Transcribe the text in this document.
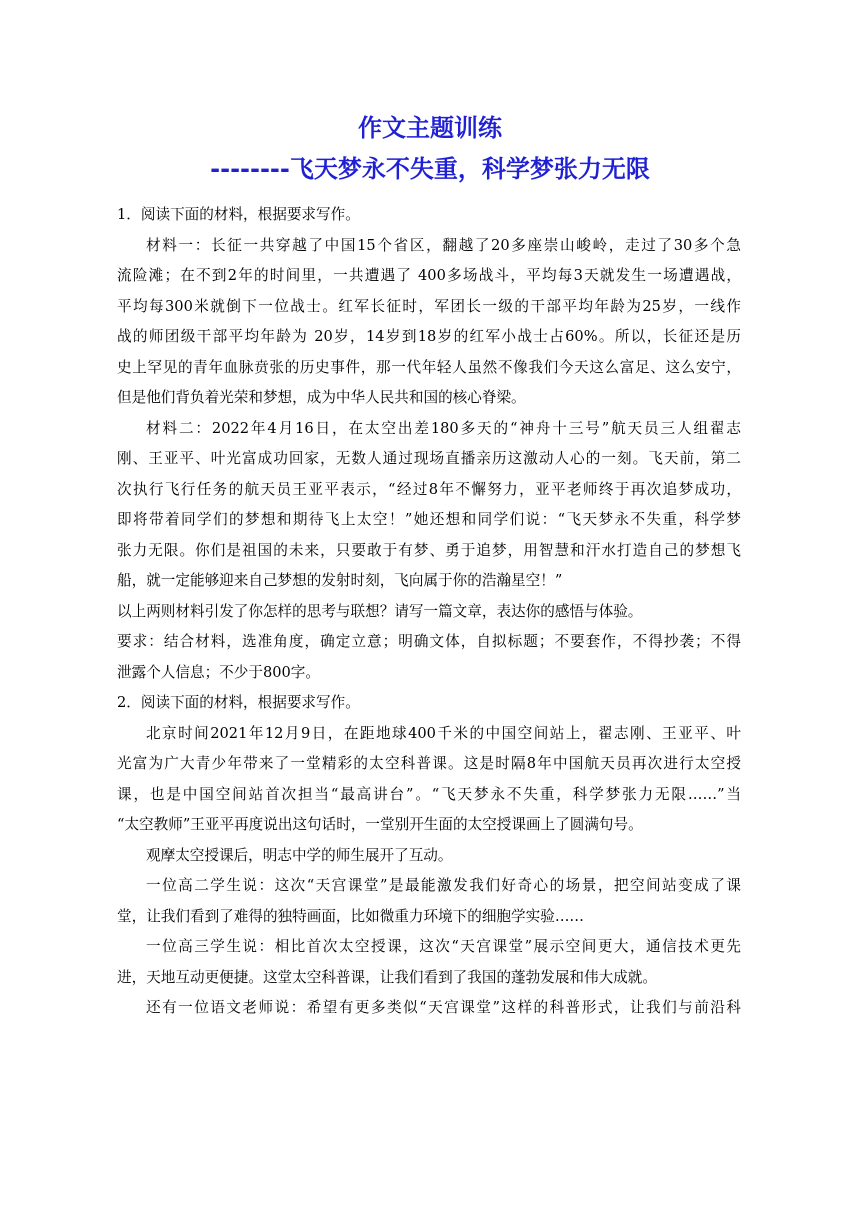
作文主题训练
--------飞天梦永不失重，科学梦张力无限
1．阅读下面的材料，根据要求写作。
材料一：长征一共穿越了中国15个省区，翻越了20多座崇山峻岭，走过了30多个急
流险滩；在不到2年的时间里，一共遭遇了 400多场战斗，平均每3天就发生一场遭遇战，
平均每300米就倒下一位战士。红军长征时，军团长一级的干部平均年龄为25岁，一线作
战的师团级干部平均年龄为 20岁，14岁到18岁的红军小战士占60%。所以，长征还是历
史上罕见的青年血脉贲张的历史事件，那一代年轻人虽然不像我们今天这么富足、这么安宁，
但是他们背负着光荣和梦想，成为中华人民共和国的核心脊梁。
材料二：2022年4月16日，在太空出差180多天的“神舟十三号”航天员三人组翟志
刚、王亚平、叶光富成功回家，无数人通过现场直播亲历这激动人心的一刻。飞天前，第二
次执行飞行任务的航天员王亚平表示，“经过8年不懈努力，亚平老师终于再次追梦成功，
即将带着同学们的梦想和期待飞上太空！”她还想和同学们说：“飞天梦永不失重，科学梦
张力无限。你们是祖国的未来，只要敢于有梦、勇于追梦，用智慧和汗水打造自己的梦想飞
船，就一定能够迎来自己梦想的发射时刻，飞向属于你的浩瀚星空！”
以上两则材料引发了你怎样的思考与联想？请写一篇文章，表达你的感悟与体验。
要求：结合材料，选准角度，确定立意；明确文体，自拟标题；不要套作，不得抄袭；不得
泄露个人信息；不少于800字。
2．阅读下面的材料，根据要求写作。
北京时间2021年12月9日，在距地球400千米的中国空间站上，翟志刚、王亚平、叶
光富为广大青少年带来了一堂精彩的太空科普课。这是时隔8年中国航天员再次进行太空授
课，也是中国空间站首次担当“最高讲台”。“飞天梦永不失重，科学梦张力无限……”当
“太空教师”王亚平再度说出这句话时，一堂别开生面的太空授课画上了圆满句号。
观摩太空授课后，明志中学的师生展开了互动。
一位高二学生说：这次“天宫课堂”是最能激发我们好奇心的场景，把空间站变成了课
堂，让我们看到了难得的独特画面，比如微重力环境下的细胞学实验……
一位高三学生说：相比首次太空授课，这次“天宫课堂”展示空间更大，通信技术更先
进，天地互动更便捷。这堂太空科普课，让我们看到了我国的蓬勃发展和伟大成就。
还有一位语文老师说：希望有更多类似“天宫课堂”这样的科普形式，让我们与前沿科
